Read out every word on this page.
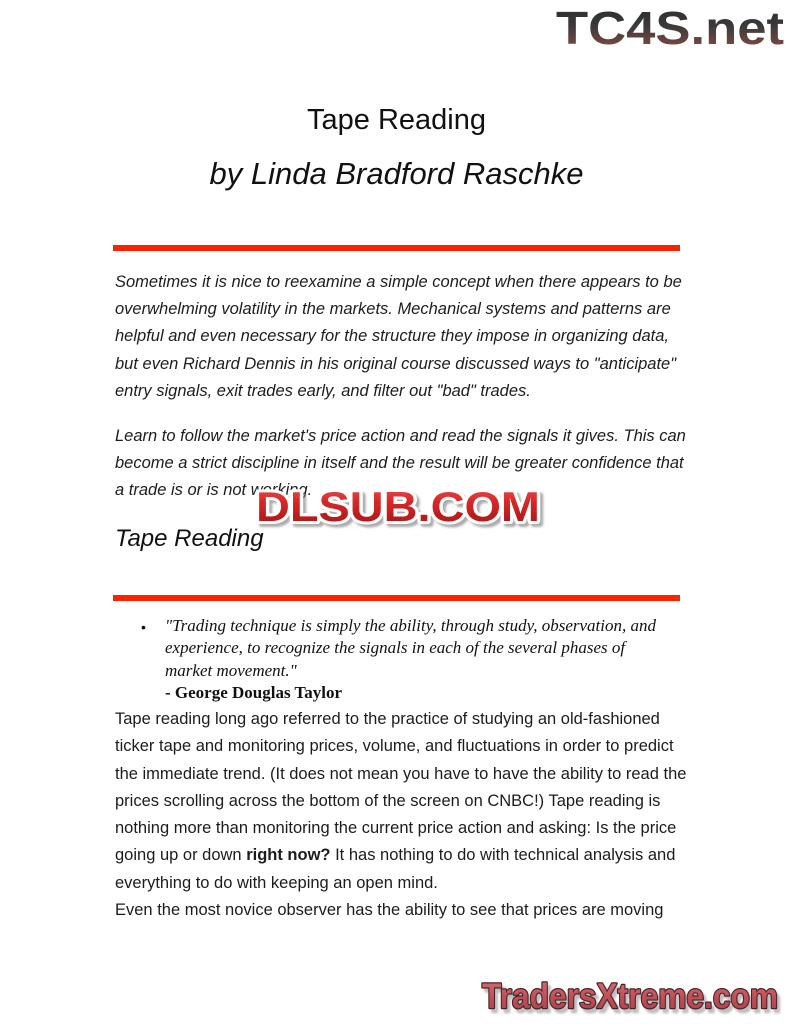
TC4S.net
Tape Reading
by Linda Bradford Raschke

Sometimes it is nice to reexamine a simple concept when there appears to be overwhelming volatility in the markets. Mechanical systems and patterns are helpful and even necessary for the structure they impose in organizing data, but even Richard Dennis in his original course discussed ways to "anticipate" entry signals, exit trades early, and filter out "bad" trades.

Learn to follow the market's price action and read the signals it gives. This can become a strict discipline in itself and the result will be greater confidence that a trade is or is not working.

DLSUB.COM
Tape Reading
•	"Trading technique is simply the ability, through study, observation, and experience, to recognize the signals in each of the several phases of market movement."
- George Douglas Taylor

Tape reading long ago referred to the practice of studying an old-fashioned ticker tape and monitoring prices, volume, and fluctuations in order to predict the immediate trend. (It does not mean you have to have the ability to read the prices scrolling across the bottom of the screen on CNBC!) Tape reading is nothing more than monitoring the current price action and asking: Is the price going up or down right now? It has nothing to do with technical analysis and everything to do with keeping an open mind.

Even the most novice observer has the ability to see that prices are moving

TradersXtreme.com
